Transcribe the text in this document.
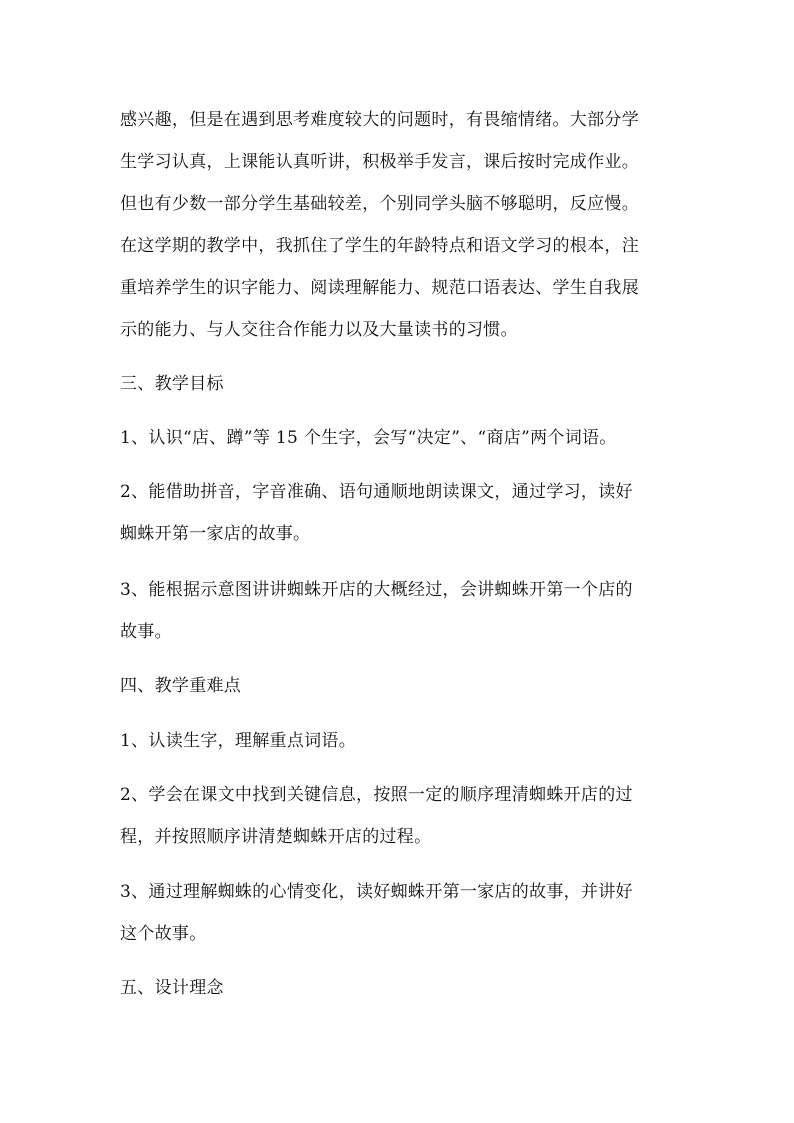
感兴趣，但是在遇到思考难度较大的问题时，有畏缩情绪。大部分学
生学习认真，上课能认真听讲，积极举手发言，课后按时完成作业。
但也有少数一部分学生基础较差，个别同学头脑不够聪明，反应慢。
在这学期的教学中，我抓住了学生的年龄特点和语文学习的根本，注
重培养学生的识字能力、阅读理解能力、规范口语表达、学生自我展
示的能力、与人交往合作能力以及大量读书的习惯。
三、教学目标
1、认识“店、蹲”等 15 个生字，会写“决定”、“商店”两个词语。
2、能借助拼音，字音准确、语句通顺地朗读课文，通过学习，读好
蜘蛛开第一家店的故事。
3、能根据示意图讲讲蜘蛛开店的大概经过，会讲蜘蛛开第一个店的
故事。
四、教学重难点
1、认读生字，理解重点词语。
2、学会在课文中找到关键信息，按照一定的顺序理清蜘蛛开店的过
程，并按照顺序讲清楚蜘蛛开店的过程。
3、通过理解蜘蛛的心情变化，读好蜘蛛开第一家店的故事，并讲好
这个故事。
五、设计理念
